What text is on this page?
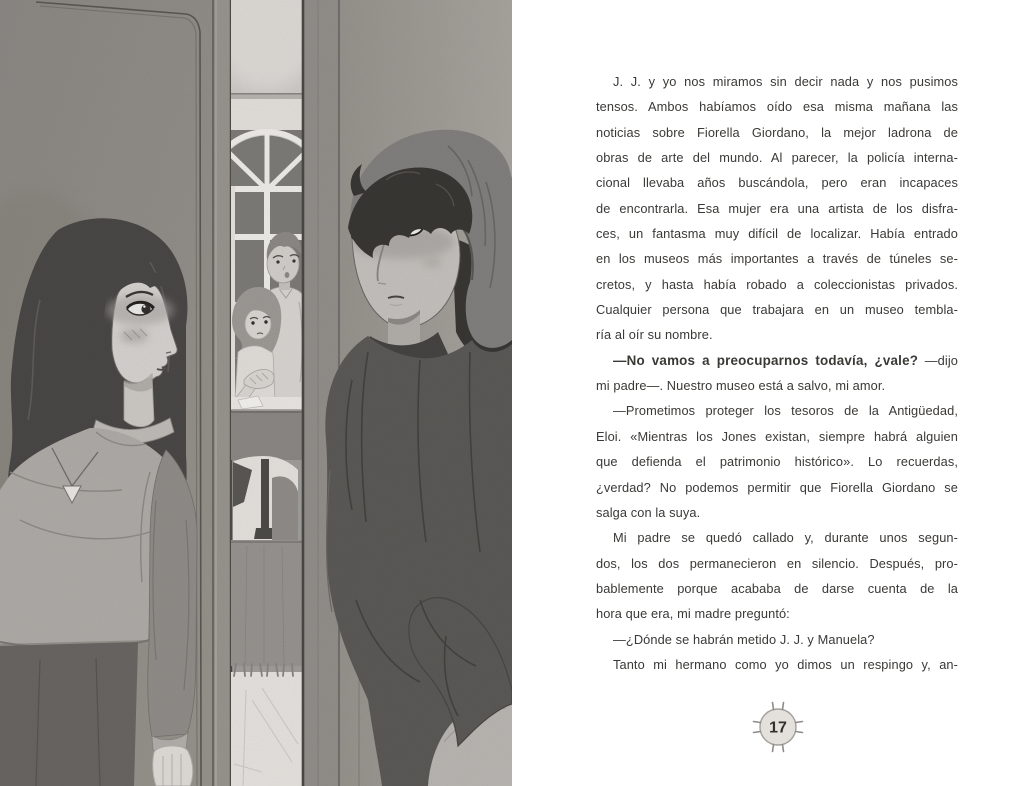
J. J. y yo nos miramos sin decir nada y nos pusimos
tensos. Ambos habíamos oído esa misma mañana las
noticias sobre Fiorella Giordano, la mejor ladrona de
obras de arte del mundo. Al parecer, la policía interna-
cional llevaba años buscándola, pero eran incapaces
de encontrarla. Esa mujer era una artista de los disfra-
ces, un fantasma muy difícil de localizar. Había entrado
en los museos más importantes a través de túneles se-
cretos, y hasta había robado a coleccionistas privados.
Cualquier persona que trabajara en un museo tembla-
ría al oír su nombre.
—No vamos a preocuparnos todavía, ¿vale? —dijo
mi padre—. Nuestro museo está a salvo, mi amor.
—Prometimos proteger los tesoros de la Antigüedad,
Eloi. «Mientras los Jones existan, siempre habrá alguien
que defienda el patrimonio histórico». Lo recuerdas,
¿verdad? No podemos permitir que Fiorella Giordano se
salga con la suya.
Mi padre se quedó callado y, durante unos segun-
dos, los dos permanecieron en silencio. Después, pro-
bablemente porque acababa de darse cuenta de la
hora que era, mi madre preguntó:
—¿Dónde se habrán metido J. J. y Manuela?
Tanto mi hermano como yo dimos un respingo y, an-
17
